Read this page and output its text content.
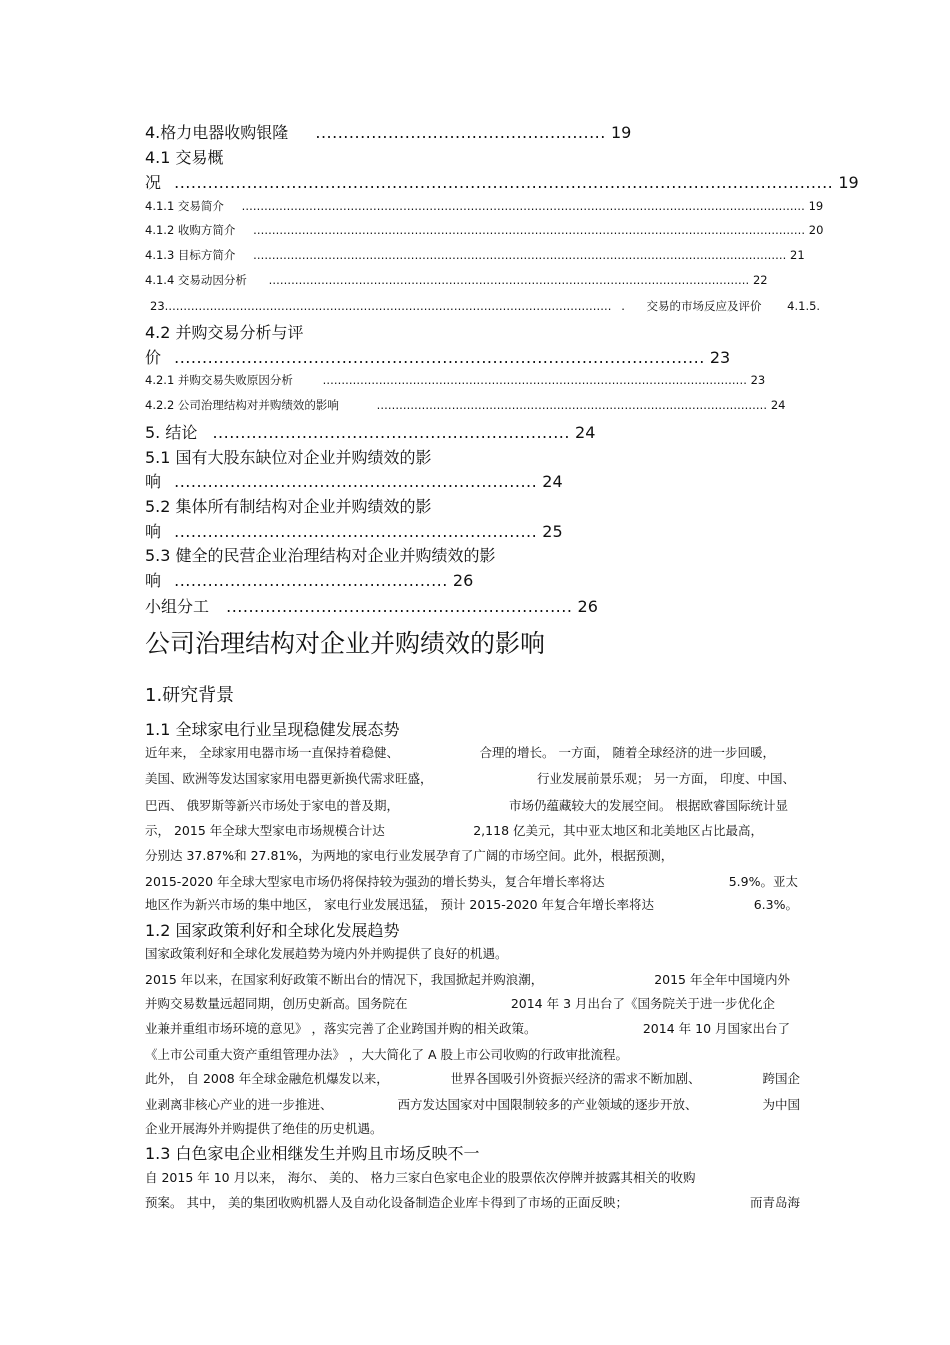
4.格力电器收购银隆 .................................................... 19
4.1 交易概
况 ...................................................................................................................... 19
4.1.1 交易简介 ...................................................................................................................................................... 19
4.1.2 收购方简介 ................................................................................................................................................... 20
4.1.3 目标方简介 .............................................................................................................................................. 21
4.1.4 交易动因分析 ................................................................................................................................ 22
23....................................................................................................................... . 交易的市场反应及评价 4.1.5.
4.2 并购交易分析与评
价 ............................................................................................... 23
4.2.1 并购交易失败原因分析	................................................................................................................. 23
4.2.2 公司治理结构对并购绩效的影响	........................................................................................................ 24
5. 结论 ................................................................ 24
5.1 国有大股东缺位对企业并购绩效的影
响 ................................................................. 24
5.2 集体所有制结构对企业并购绩效的影
响 ................................................................. 25
5.3 健全的民营企业治理结构对企业并购绩效的影
响 ................................................. 26
小组分工 .............................................................. 26
公司治理结构对企业并购绩效的影响
1.研究背景
1.1 全球家电行业呈现稳健发展态势
近年来， 全球家用电器市场一直保持着稳健、	合理的增长。 一方面， 随着全球经济的进一步回暖，
美国、欧洲等发达国家家用电器更新换代需求旺盛，	行业发展前景乐观； 另一方面， 印度、中国、
巴西、 俄罗斯等新兴市场处于家电的普及期，	市场仍蕴藏较大的发展空间。 根据欧睿国际统计显
示， 2015 年全球大型家电市场规模合计达	2,118 亿美元，其中亚太地区和北美地区占比最高，
分别达 37.87%和 27.81%，为两地的家电行业发展孕育了广阔的市场空间。此外，根据预测，
2015-2020 年全球大型家电市场仍将保持较为强劲的增长势头，复合年增长率将达	5.9%。亚太
地区作为新兴市场的集中地区， 家电行业发展迅猛， 预计 2015-2020 年复合年增长率将达	6.3%。
1.2 国家政策利好和全球化发展趋势
国家政策利好和全球化发展趋势为境内外并购提供了良好的机遇。
2015 年以来，在国家利好政策不断出台的情况下，我国掀起并购浪潮，	2015 年全年中国境内外
并购交易数量远超同期，创历史新高。国务院在	2014 年 3 月出台了《国务院关于进一步优化企
业兼并重组市场环境的意见》 ，落实完善了企业跨国并购的相关政策。	2014 年 10 月国家出台了
《上市公司重大资产重组管理办法》 ，大大简化了 A 股上市公司收购的行政审批流程。
此外， 自 2008 年全球金融危机爆发以来，	世界各国吸引外资振兴经济的需求不断加剧、	跨国企
业剥离非核心产业的进一步推进、	西方发达国家对中国限制较多的产业领域的逐步开放、	为中国
企业开展海外并购提供了绝佳的历史机遇。
1.3 白色家电企业相继发生并购且市场反映不一
自 2015 年 10 月以来， 海尔、 美的、 格力三家白色家电企业的股票依次停牌并披露其相关的收购
预案。 其中， 美的集团收购机器人及自动化设备制造企业库卡得到了市场的正面反映；	而青岛海
